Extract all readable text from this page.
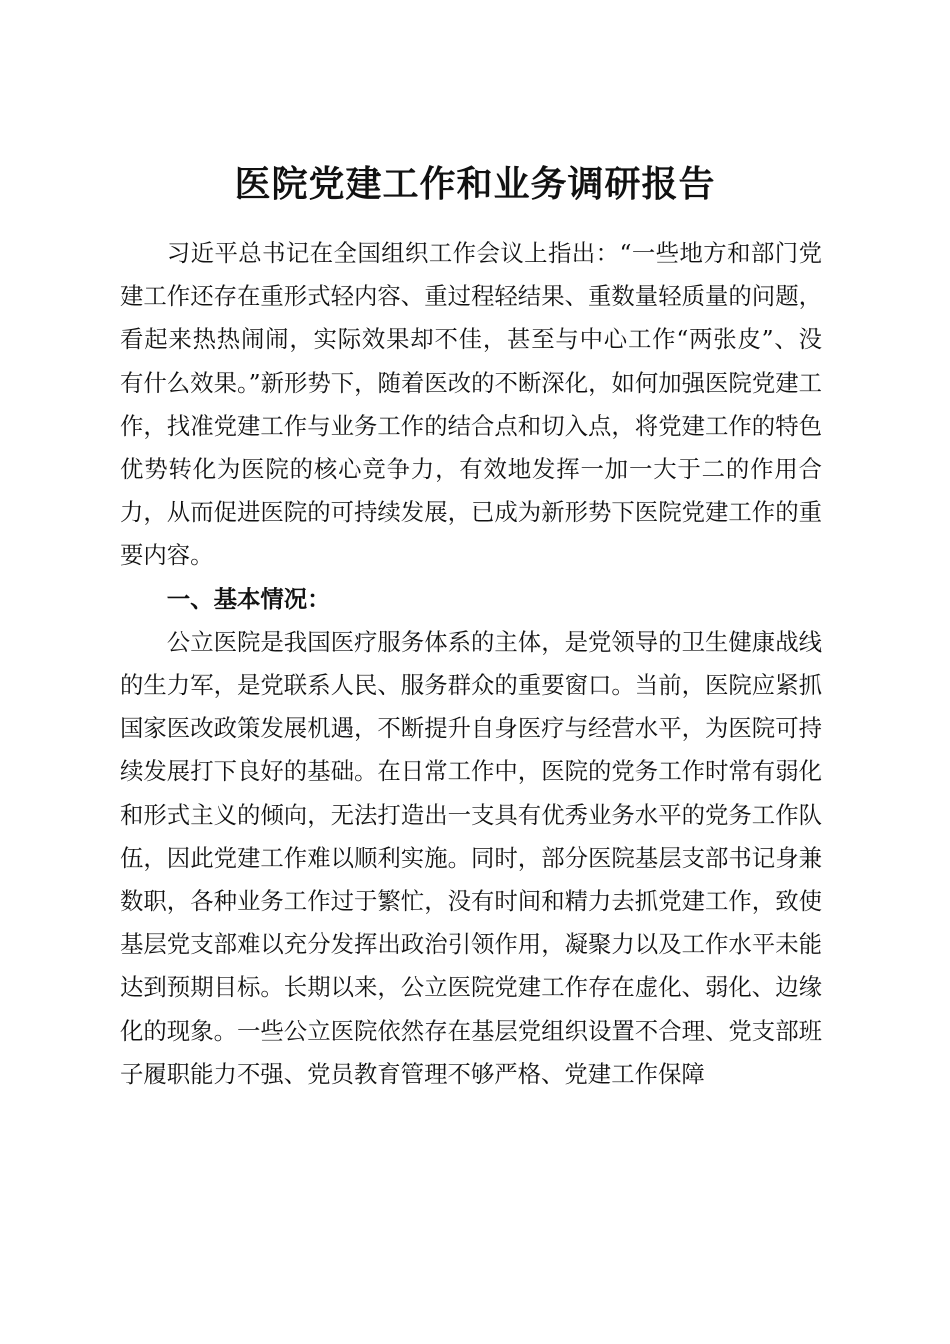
医院党建工作和业务调研报告

习近平总书记在全国组织工作会议上指出：“一些地方和部门党建工作还存在重形式轻内容、重过程轻结果、重数量轻质量的问题，看起来热热闹闹，实际效果却不佳，甚至与中心工作“两张皮”、没有什么效果。”新形势下，随着医改的不断深化，如何加强医院党建工作，找准党建工作与业务工作的结合点和切入点，将党建工作的特色优势转化为医院的核心竞争力，有效地发挥一加一大于二的作用合力，从而促进医院的可持续发展，已成为新形势下医院党建工作的重要内容。

一、基本情况：

公立医院是我国医疗服务体系的主体，是党领导的卫生健康战线的生力军，是党联系人民、服务群众的重要窗口。当前，医院应紧抓国家医改政策发展机遇，不断提升自身医疗与经营水平，为医院可持续发展打下良好的基础。在日常工作中，医院的党务工作时常有弱化和形式主义的倾向，无法打造出一支具有优秀业务水平的党务工作队伍，因此党建工作难以顺利实施。同时，部分医院基层支部书记身兼数职，各种业务工作过于繁忙，没有时间和精力去抓党建工作，致使基层党支部难以充分发挥出政治引领作用，凝聚力以及工作水平未能达到预期目标。长期以来，公立医院党建工作存在虚化、弱化、边缘化的现象。一些公立医院依然存在基层党组织设置不合理、党支部班子履职能力不强、党员教育管理不够严格、党建工作保障
